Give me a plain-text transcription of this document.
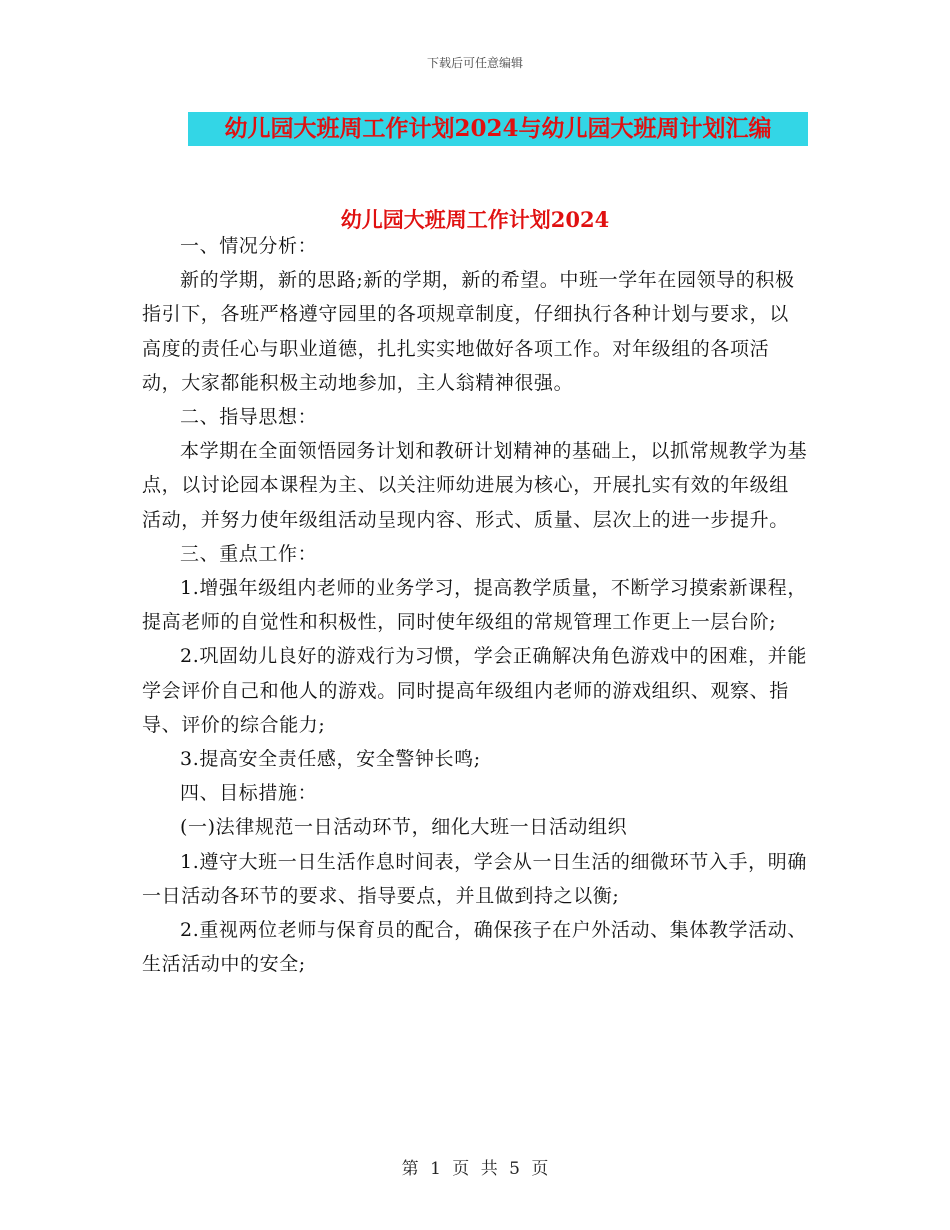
下载后可任意编辑
幼儿园大班周工作计划2024与幼儿园大班周计划汇编
幼儿园大班周工作计划2024

一、情况分析：

新的学期，新的思路;新的学期，新的希望。中班一学年在园领导的积极指引下，各班严格遵守园里的各项规章制度，仔细执行各种计划与要求，以高度的责任心与职业道德，扎扎实实地做好各项工作。对年级组的各项活动，大家都能积极主动地参加，主人翁精神很强。

二、指导思想：

本学期在全面领悟园务计划和教研计划精神的基础上，以抓常规教学为基点，以讨论园本课程为主、以关注师幼进展为核心，开展扎实有效的年级组活动，并努力使年级组活动呈现内容、形式、质量、层次上的进一步提升。

三、重点工作：

1.增强年级组内老师的业务学习，提高教学质量，不断学习摸索新课程，提高老师的自觉性和积极性，同时使年级组的常规管理工作更上一层台阶;

2.巩固幼儿良好的游戏行为习惯，学会正确解决角色游戏中的困难，并能学会评价自己和他人的游戏。同时提高年级组内老师的游戏组织、观察、指导、评价的综合能力;

3.提高安全责任感，安全警钟长鸣;

四、目标措施：

(一)法律规范一日活动环节，细化大班一日活动组织

1.遵守大班一日生活作息时间表，学会从一日生活的细微环节入手，明确一日活动各环节的要求、指导要点，并且做到持之以衡;

2.重视两位老师与保育员的配合，确保孩子在户外活动、集体教学活动、生活活动中的安全;

第 1 页 共 5 页
